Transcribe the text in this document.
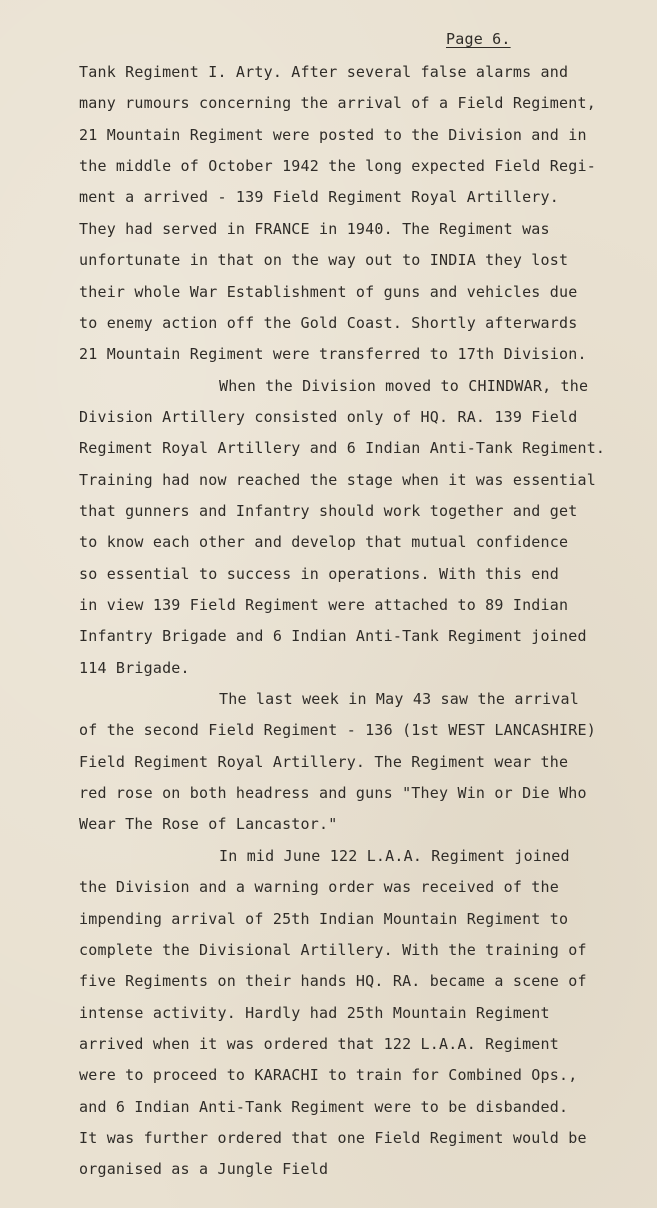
Page 6.
Tank Regiment I. Arty. After several false alarms and
many rumours concerning the arrival of a Field Regiment,
21 Mountain Regiment were posted to the Division and in
the middle of October 1942 the long expected Field Regi-
ment a arrived - 139 Field Regiment Royal Artillery.
They had served in FRANCE in 1940. The Regiment was
unfortunate in that on the way out to INDIA they lost
their whole War Establishment of guns and vehicles due
to enemy action off the Gold Coast. Shortly afterwards
21 Mountain Regiment were transferred to 17th Division.
When the Division moved to CHINDWAR, the
Division Artillery consisted only of HQ. RA. 139 Field
Regiment Royal Artillery and 6 Indian Anti-Tank Regiment.
Training had now reached the stage when it was essential
that gunners and Infantry should work together and get
to know each other and develop that mutual confidence
so essential to success in operations. With this end
in view 139 Field Regiment were attached to 89 Indian
Infantry Brigade and 6 Indian Anti-Tank Regiment joined
114 Brigade.
The last week in May 43 saw the arrival
of the second Field Regiment - 136 (1st WEST LANCASHIRE)
Field Regiment Royal Artillery. The Regiment wear the
red rose on both headress and guns "They Win or Die Who
Wear The Rose of Lancastor."
In mid June 122 L.A.A. Regiment joined
the Division and a warning order was received of the
impending arrival of 25th Indian Mountain Regiment to
complete the Divisional Artillery. With the training of
five Regiments on their hands HQ. RA. became a scene of
intense activity. Hardly had 25th Mountain Regiment
arrived when it was ordered that 122 L.A.A. Regiment
were to proceed to KARACHI to train for Combined Ops.,
and 6 Indian Anti-Tank Regiment were to be disbanded.
It was further ordered that one Field Regiment would be
organised as a Jungle Field
